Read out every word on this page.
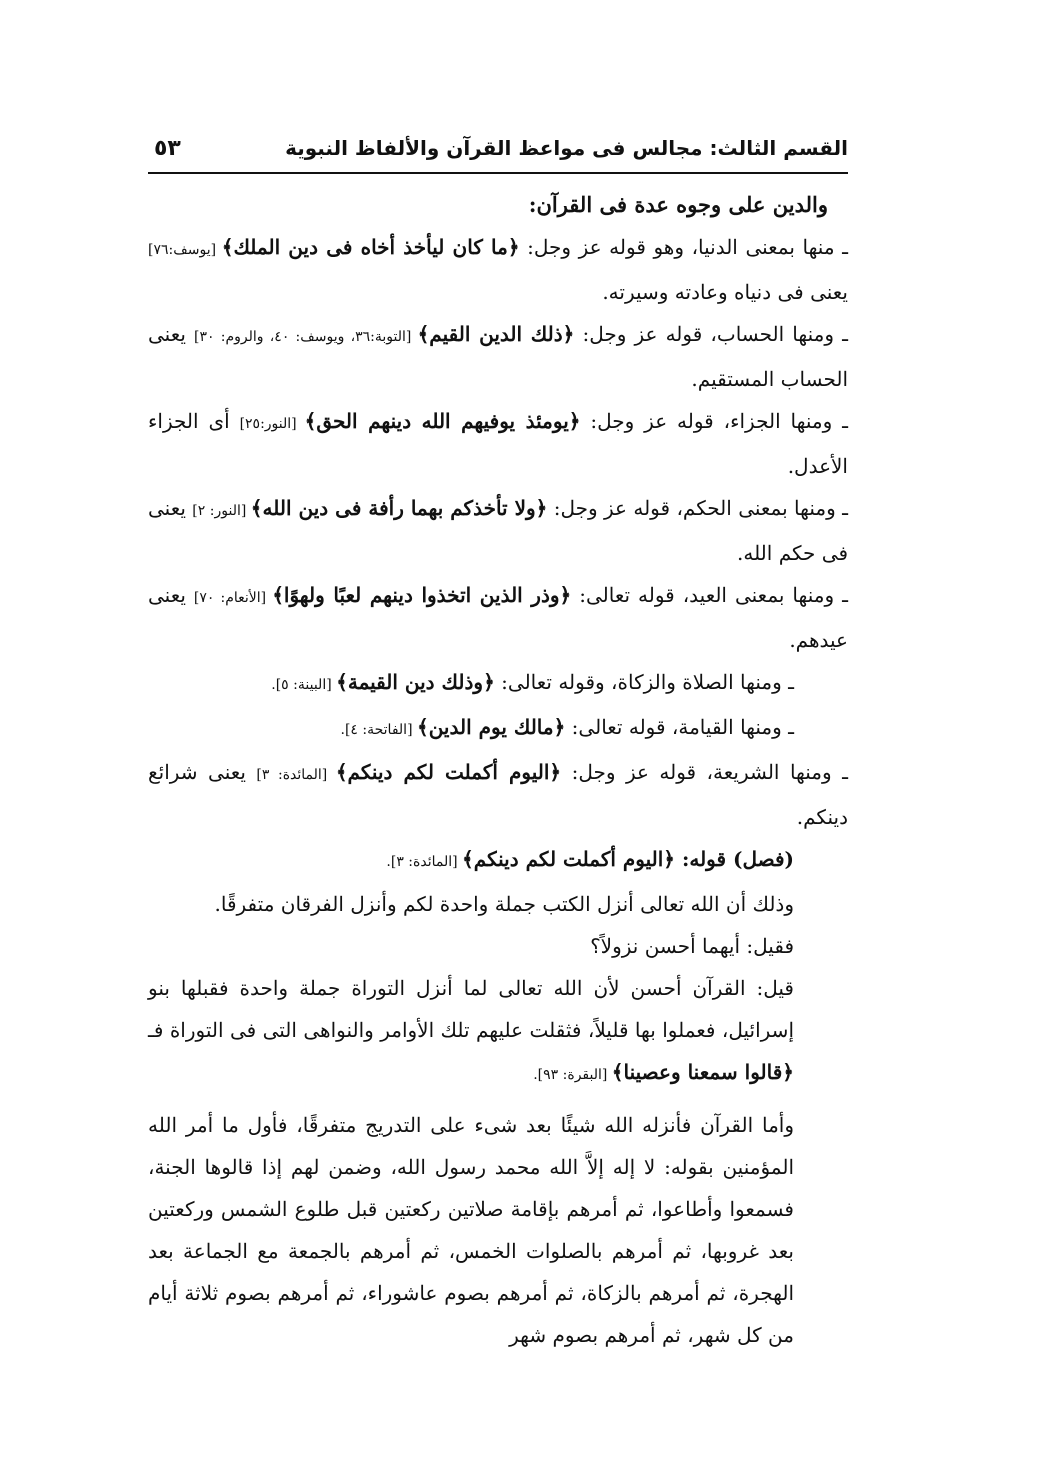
القسم الثالث: مجالس فى مواعظ القرآن والألفاظ النبوية
٥٣

والدين على وجوه عدة فى القرآن:

ـ منها بمعنى الدنيا، وهو قوله عز وجل: ﴿ما كان ليأخذ أخاه فى دين الملك﴾ [يوسف:٧٦] يعنى فى دنياه وعادته وسيرته.

ـ ومنها الحساب، قوله عز وجل: ﴿ذلك الدين القيم﴾ [التوبة:٣٦، ويوسف: ٤٠، والروم: ٣٠] يعنى الحساب المستقيم.

ـ ومنها الجزاء، قوله عز وجل: ﴿يومئذ يوفيهم الله دينهم الحق﴾ [النور:٢٥] أى الجزاء الأعدل.

ـ ومنها بمعنى الحكم، قوله عز وجل: ﴿ولا تأخذكم بهما رأفة فى دين الله﴾ [النور: ٢] يعنى فى حكم الله.

ـ ومنها بمعنى العيد، قوله تعالى: ﴿وذر الذين اتخذوا دينهم لعبًا ولهوًا﴾ [الأنعام: ٧٠] يعنى عيدهم.

ـ ومنها الصلاة والزكاة، وقوله تعالى: ﴿وذلك دين القيمة﴾ [البينة: ٥].

ـ ومنها القيامة، قوله تعالى: ﴿مالك يوم الدين﴾ [الفاتحة: ٤].

ـ ومنها الشريعة، قوله عز وجل: ﴿اليوم أكملت لكم دينكم﴾ [المائدة: ٣] يعنى شرائع دينكم.

(فصل) قوله: ﴿اليوم أكملت لكم دينكم﴾ [المائدة: ٣].

وذلك أن الله تعالى أنزل الكتب جملة واحدة لكم وأنزل الفرقان متفرقًا.

فقيل: أيهما أحسن نزولاً؟

قيل: القرآن أحسن لأن الله تعالى لما أنزل التوراة جملة واحدة فقبلها بنو إسرائيل، فعملوا بها قليلاً، فثقلت عليهم تلك الأوامر والنواهى التى فى التوراة فـ ﴿قالوا سمعنا وعصينا﴾ [البقرة: ٩٣].

وأما القرآن فأنزله الله شيئًا بعد شىء على التدريج متفرقًا، فأول ما أمر الله المؤمنين بقوله: لا إله إلاَّ الله محمد رسول الله، وضمن لهم إذا قالوها الجنة، فسمعوا وأطاعوا، ثم أمرهم بإقامة صلاتين ركعتين قبل طلوع الشمس وركعتين بعد غروبها، ثم أمرهم بالصلوات الخمس، ثم أمرهم بالجمعة مع الجماعة بعد الهجرة، ثم أمرهم بالزكاة، ثم أمرهم بصوم عاشوراء، ثم أمرهم بصوم ثلاثة أيام من كل شهر، ثم أمرهم بصوم شهر
